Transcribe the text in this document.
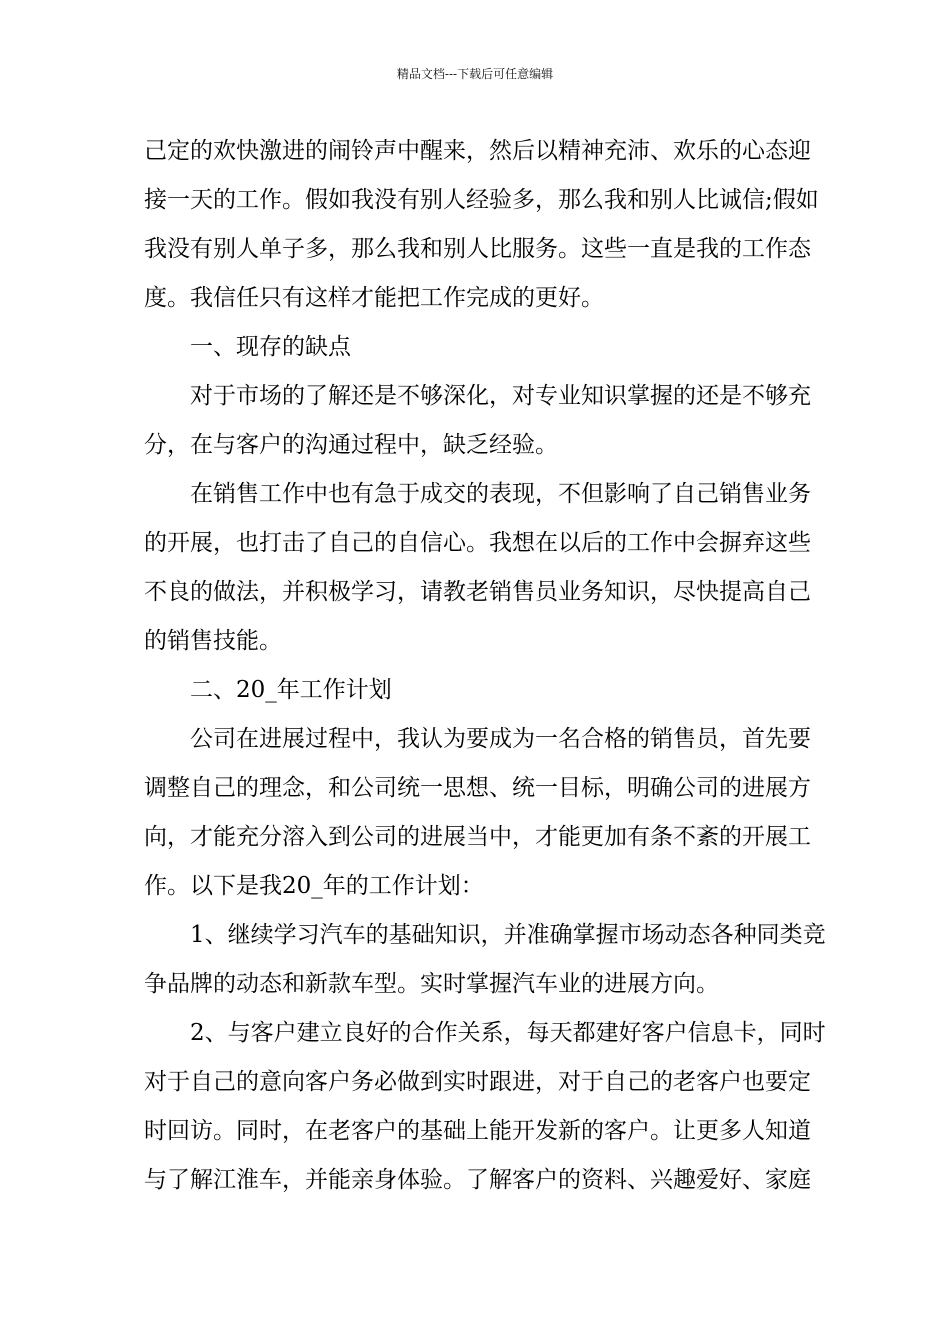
精品文档---下载后可任意编辑
己定的欢快激进的闹铃声中醒来，然后以精神充沛、欢乐的心态迎
接一天的工作。假如我没有别人经验多，那么我和别人比诚信;假如
我没有别人单子多，那么我和别人比服务。这些一直是我的工作态
度。我信任只有这样才能把工作完成的更好。
一、现存的缺点
对于市场的了解还是不够深化，对专业知识掌握的还是不够充
分，在与客户的沟通过程中，缺乏经验。
在销售工作中也有急于成交的表现，不但影响了自己销售业务
的开展，也打击了自己的自信心。我想在以后的工作中会摒弃这些
不良的做法，并积极学习，请教老销售员业务知识，尽快提高自己
的销售技能。
二、20_年工作计划
公司在进展过程中，我认为要成为一名合格的销售员，首先要
调整自己的理念，和公司统一思想、统一目标，明确公司的进展方
向，才能充分溶入到公司的进展当中，才能更加有条不紊的开展工
作。以下是我20_年的工作计划：
1、继续学习汽车的基础知识，并准确掌握市场动态各种同类竞
争品牌的动态和新款车型。实时掌握汽车业的进展方向。
2、与客户建立良好的合作关系，每天都建好客户信息卡，同时
对于自己的意向客户务必做到实时跟进，对于自己的老客户也要定
时回访。同时，在老客户的基础上能开发新的客户。让更多人知道
与了解江淮车，并能亲身体验。了解客户的资料、兴趣爱好、家庭
